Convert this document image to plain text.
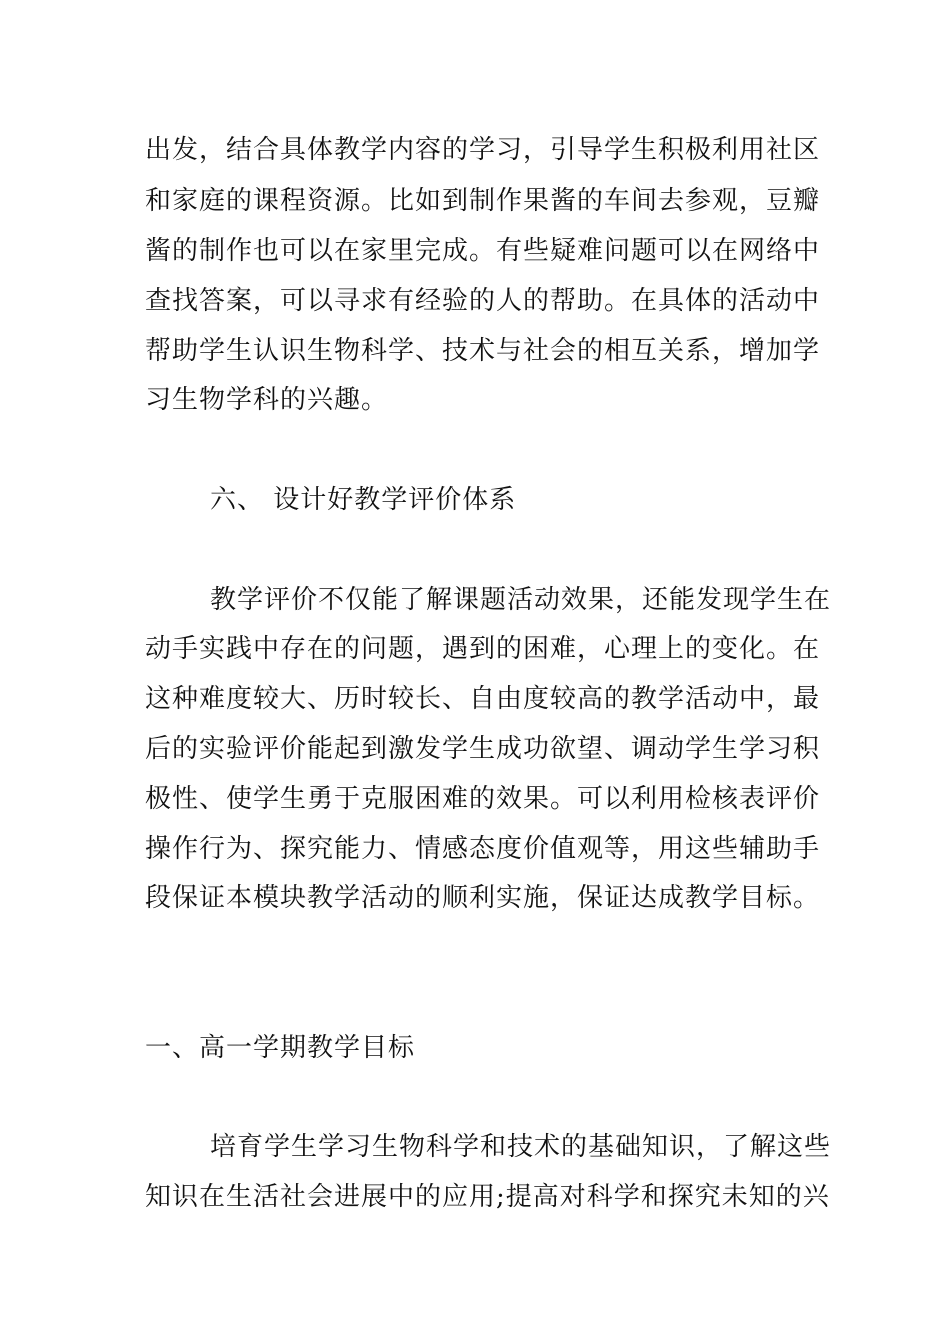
出发，结合具体教学内容的学习，引导学生积极利用社区
和家庭的课程资源。比如到制作果酱的车间去参观，豆瓣
酱的制作也可以在家里完成。有些疑难问题可以在网络中
查找答案，可以寻求有经验的人的帮助。在具体的活动中
帮助学生认识生物科学、技术与社会的相互关系，增加学
习生物学科的兴趣。
六、 设计好教学评价体系
教学评价不仅能了解课题活动效果，还能发现学生在
动手实践中存在的问题，遇到的困难，心理上的变化。在
这种难度较大、历时较长、自由度较高的教学活动中，最
后的实验评价能起到激发学生成功欲望、调动学生学习积
极性、使学生勇于克服困难的效果。可以利用检核表评价
操作行为、探究能力、情感态度价值观等，用这些辅助手
段保证本模块教学活动的顺利实施，保证达成教学目标。
一、高一学期教学目标
培育学生学习生物科学和技术的基础知识，了解这些
知识在生活社会进展中的应用;提高对科学和探究未知的兴
